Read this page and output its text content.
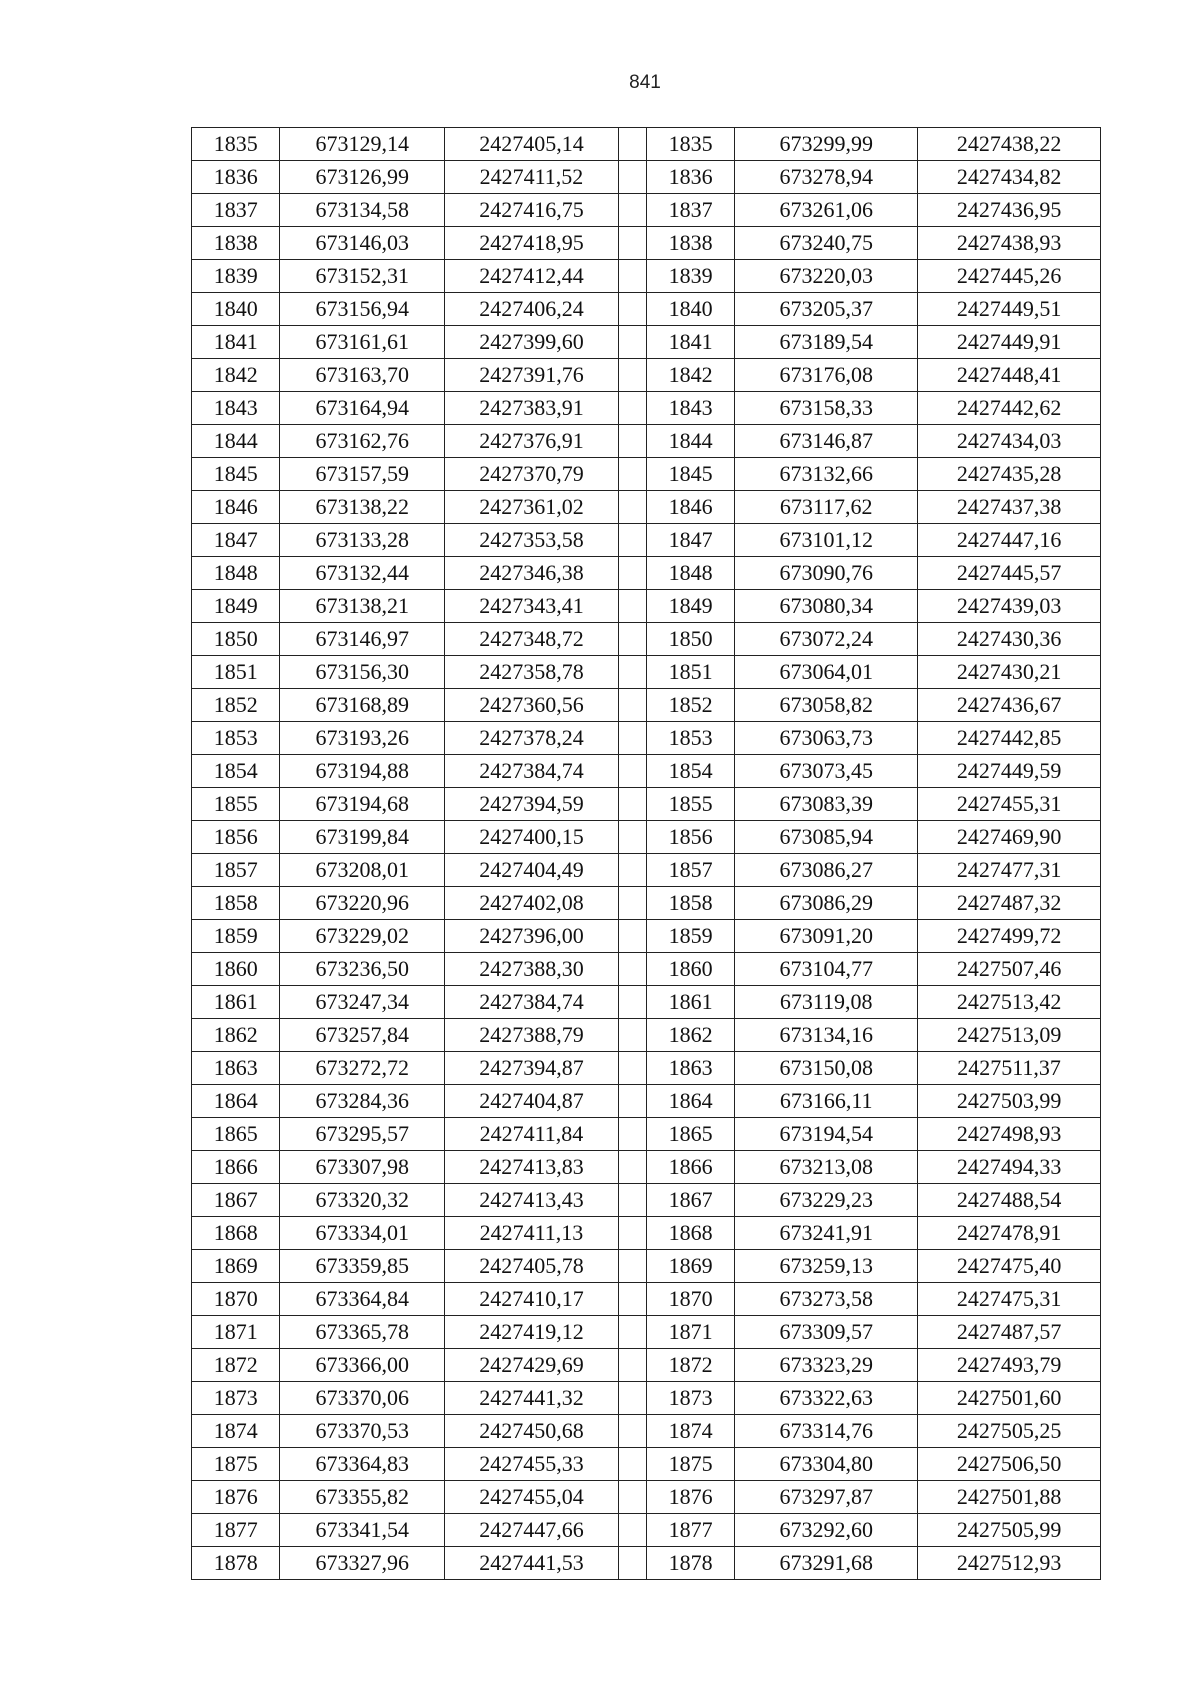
841
1835	673129,14	2427405,14		1835	673299,99	2427438,22
1836	673126,99	2427411,52		1836	673278,94	2427434,82
1837	673134,58	2427416,75		1837	673261,06	2427436,95
1838	673146,03	2427418,95		1838	673240,75	2427438,93
1839	673152,31	2427412,44		1839	673220,03	2427445,26
1840	673156,94	2427406,24		1840	673205,37	2427449,51
1841	673161,61	2427399,60		1841	673189,54	2427449,91
1842	673163,70	2427391,76		1842	673176,08	2427448,41
1843	673164,94	2427383,91		1843	673158,33	2427442,62
1844	673162,76	2427376,91		1844	673146,87	2427434,03
1845	673157,59	2427370,79		1845	673132,66	2427435,28
1846	673138,22	2427361,02		1846	673117,62	2427437,38
1847	673133,28	2427353,58		1847	673101,12	2427447,16
1848	673132,44	2427346,38		1848	673090,76	2427445,57
1849	673138,21	2427343,41		1849	673080,34	2427439,03
1850	673146,97	2427348,72		1850	673072,24	2427430,36
1851	673156,30	2427358,78		1851	673064,01	2427430,21
1852	673168,89	2427360,56		1852	673058,82	2427436,67
1853	673193,26	2427378,24		1853	673063,73	2427442,85
1854	673194,88	2427384,74		1854	673073,45	2427449,59
1855	673194,68	2427394,59		1855	673083,39	2427455,31
1856	673199,84	2427400,15		1856	673085,94	2427469,90
1857	673208,01	2427404,49		1857	673086,27	2427477,31
1858	673220,96	2427402,08		1858	673086,29	2427487,32
1859	673229,02	2427396,00		1859	673091,20	2427499,72
1860	673236,50	2427388,30		1860	673104,77	2427507,46
1861	673247,34	2427384,74		1861	673119,08	2427513,42
1862	673257,84	2427388,79		1862	673134,16	2427513,09
1863	673272,72	2427394,87		1863	673150,08	2427511,37
1864	673284,36	2427404,87		1864	673166,11	2427503,99
1865	673295,57	2427411,84		1865	673194,54	2427498,93
1866	673307,98	2427413,83		1866	673213,08	2427494,33
1867	673320,32	2427413,43		1867	673229,23	2427488,54
1868	673334,01	2427411,13		1868	673241,91	2427478,91
1869	673359,85	2427405,78		1869	673259,13	2427475,40
1870	673364,84	2427410,17		1870	673273,58	2427475,31
1871	673365,78	2427419,12		1871	673309,57	2427487,57
1872	673366,00	2427429,69		1872	673323,29	2427493,79
1873	673370,06	2427441,32		1873	673322,63	2427501,60
1874	673370,53	2427450,68		1874	673314,76	2427505,25
1875	673364,83	2427455,33		1875	673304,80	2427506,50
1876	673355,82	2427455,04		1876	673297,87	2427501,88
1877	673341,54	2427447,66		1877	673292,60	2427505,99
1878	673327,96	2427441,53		1878	673291,68	2427512,93
